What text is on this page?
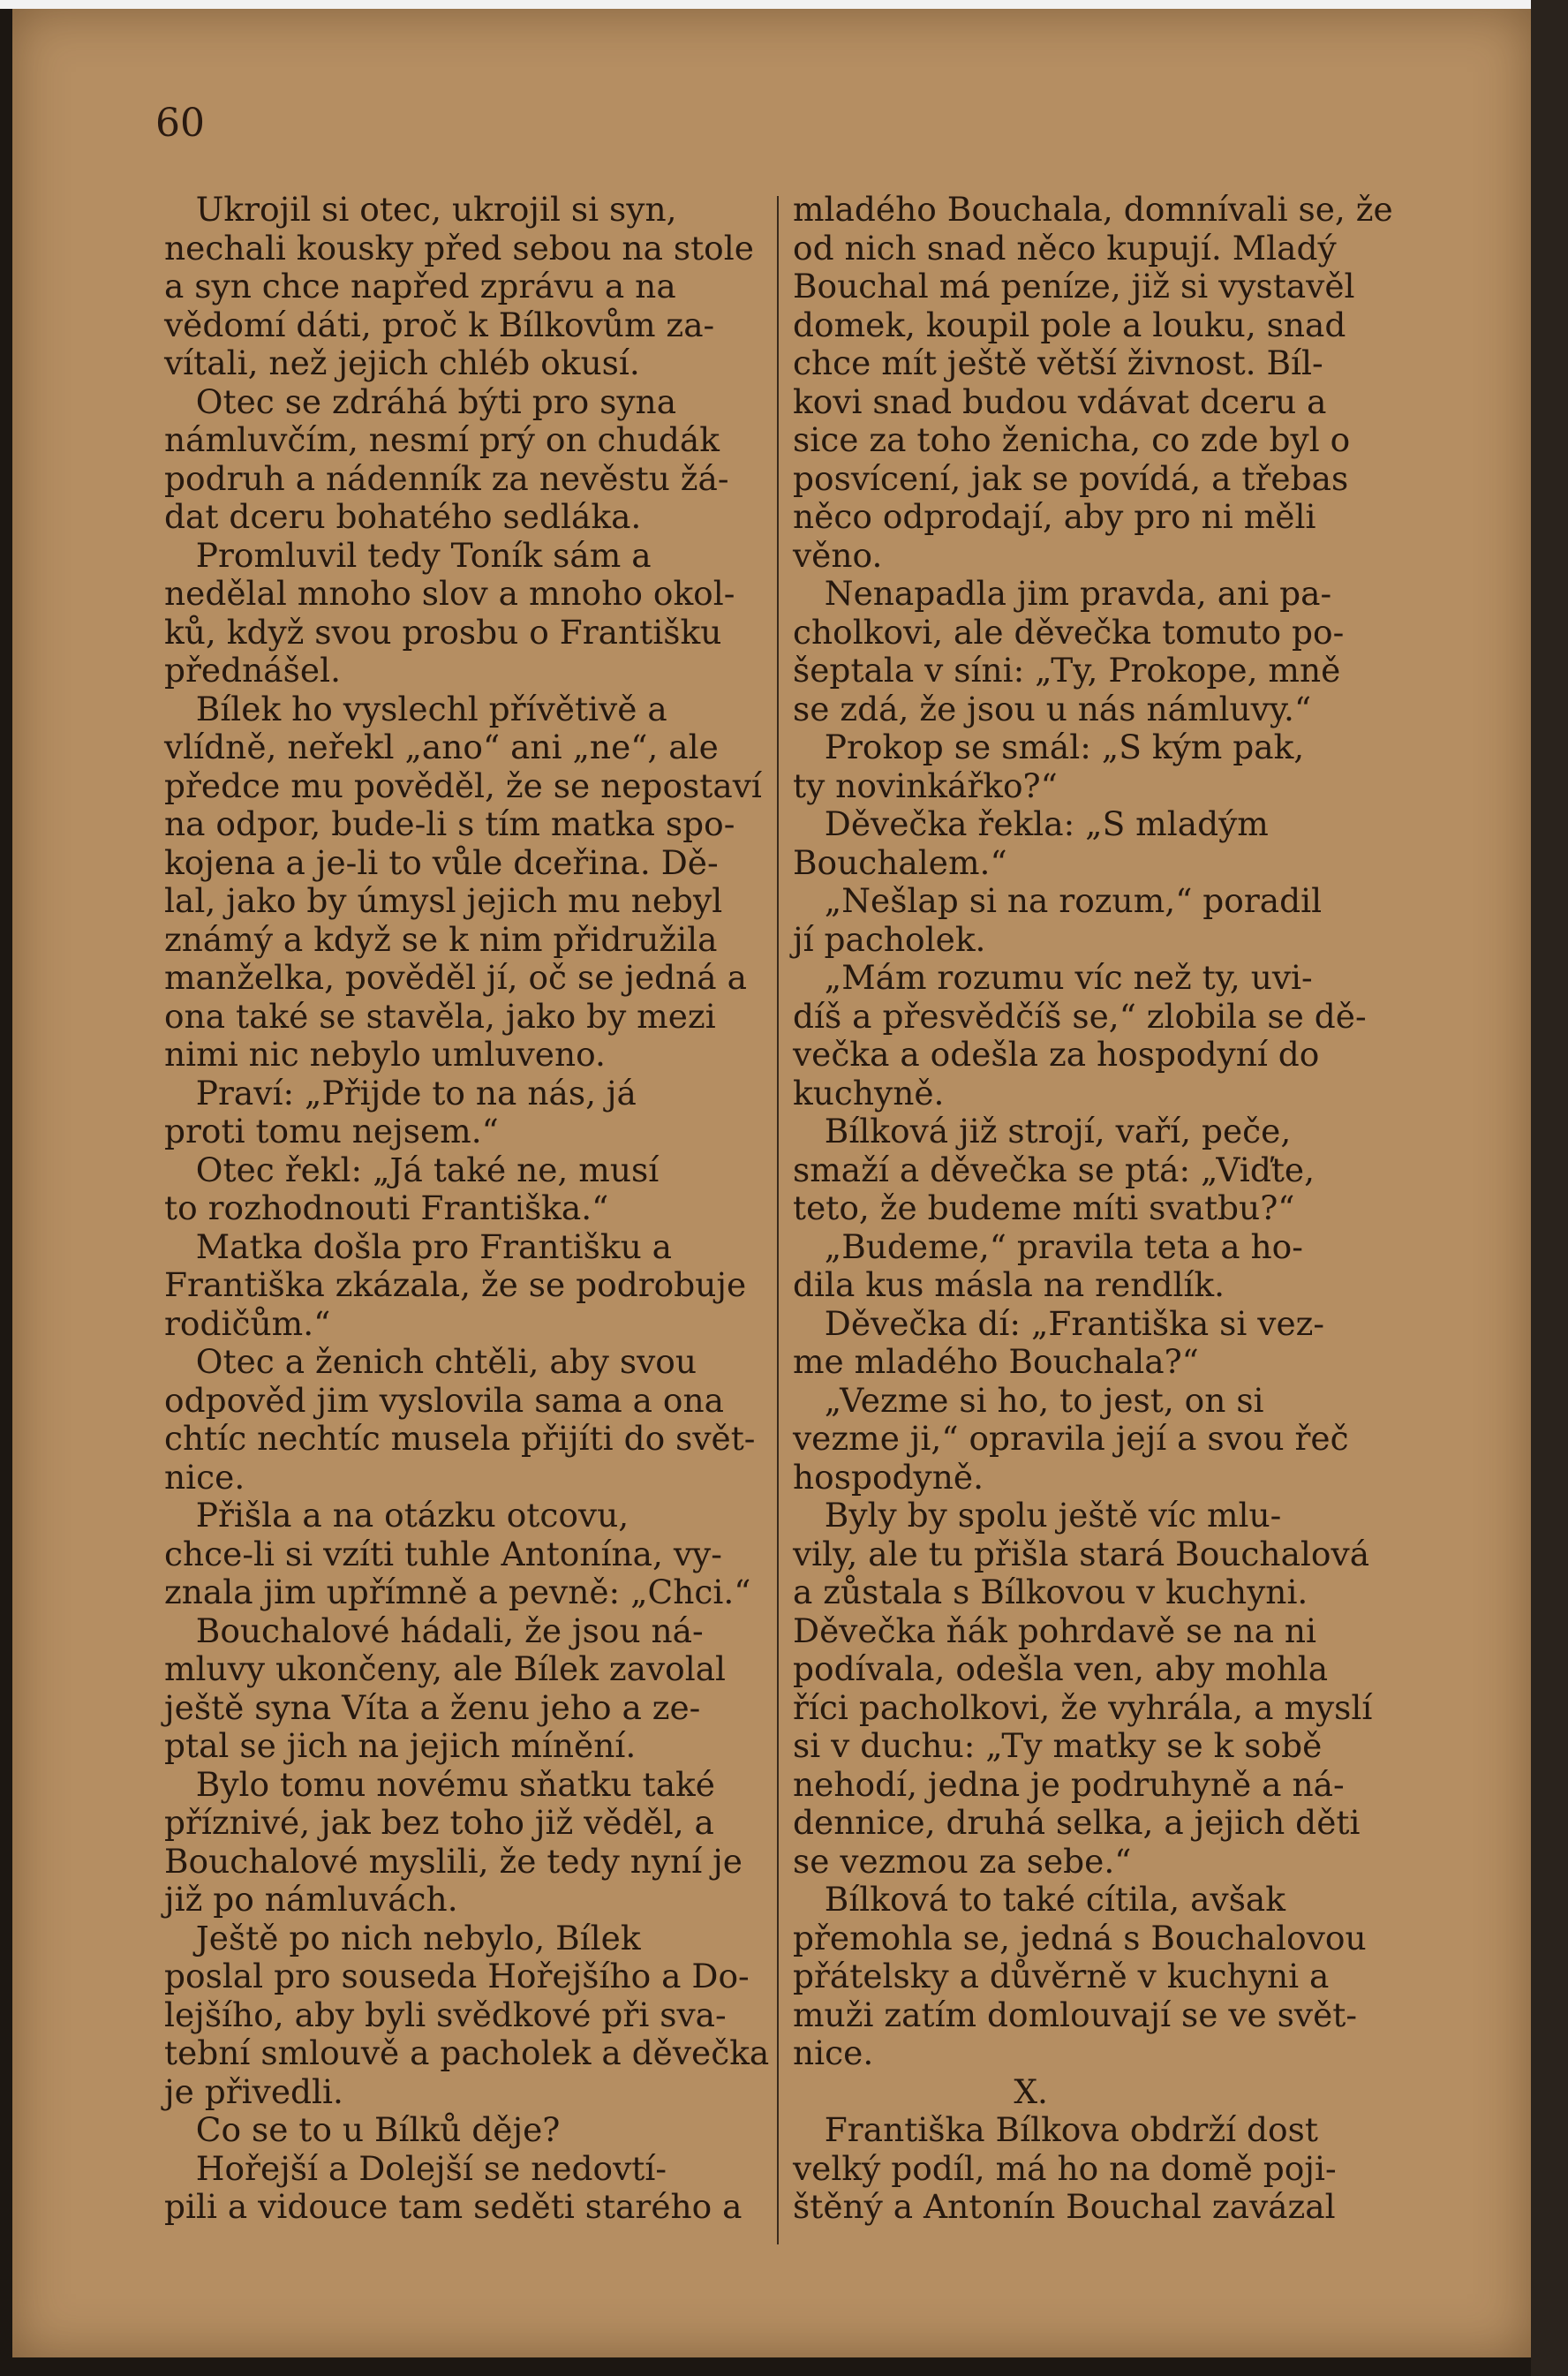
60
Ukrojil si otec, ukrojil si syn,
nechali kousky před sebou na stole
a syn chce napřed zprávu a na
vědomí dáti, proč k Bílkovům za-
vítali, než jejich chléb okusí.
Otec se zdráhá býti pro syna
námluvčím, nesmí prý on chudák
podruh a nádenník za nevěstu žá-
dat dceru bohatého sedláka.
Promluvil tedy Toník sám a
nedělal mnoho slov a mnoho okol-
ků, když svou prosbu o Františku
přednášel.
Bílek ho vyslechl přívětivě a
vlídně, neřekl „ano“ ani „ne“, ale
předce mu pověděl, že se nepostaví
na odpor, bude-li s tím matka spo-
kojena a je-li to vůle dceřina. Dě-
lal, jako by úmysl jejich mu nebyl
známý a když se k nim přidružila
manželka, pověděl jí, oč se jedná a
ona také se stavěla, jako by mezi
nimi nic nebylo umluveno.
Praví: „Přijde to na nás, já
proti tomu nejsem.“
Otec řekl: „Já také ne, musí
to rozhodnouti Františka.“
Matka došla pro Františku a
Františka zkázala, že se podrobuje
rodičům.“
Otec a ženich chtěli, aby svou
odpověd jim vyslovila sama a ona
chtíc nechtíc musela přijíti do svět-
nice.
Přišla a na otázku otcovu,
chce-li si vzíti tuhle Antonína, vy-
znala jim upřímně a pevně: „Chci.“
Bouchalové hádali, že jsou ná-
mluvy ukončeny, ale Bílek zavolal
ještě syna Víta a ženu jeho a ze-
ptal se jich na jejich mínění.
Bylo tomu novému sňatku také
příznivé, jak bez toho již věděl, a
Bouchalové myslili, že tedy nyní je
již po námluvách.
Ještě po nich nebylo, Bílek
poslal pro souseda Hořejšího a Do-
lejšího, aby byli svědkové při sva-
tební smlouvě a pacholek a děvečka
je přivedli.
Co se to u Bílků děje?
Hořejší a Dolejší se nedovtí-
pili a vidouce tam seděti starého a
mladého Bouchala, domnívali se, že
od nich snad něco kupují. Mladý
Bouchal má peníze, již si vystavěl
domek, koupil pole a louku, snad
chce mít ještě větší živnost. Bíl-
kovi snad budou vdávat dceru a
sice za toho ženicha, co zde byl o
posvícení, jak se povídá, a třebas
něco odprodají, aby pro ni měli
věno.
Nenapadla jim pravda, ani pa-
cholkovi, ale děvečka tomuto po-
šeptala v síni: „Ty, Prokope, mně
se zdá, že jsou u nás námluvy.“
Prokop se smál: „S kým pak,
ty novinkářko?“
Děvečka řekla: „S mladým
Bouchalem.“
„Nešlap si na rozum,“ poradil
jí pacholek.
„Mám rozumu víc než ty, uvi-
díš a přesvědčíš se,“ zlobila se dě-
večka a odešla za hospodyní do
kuchyně.
Bílková již strojí, vaří, peče,
smaží a děvečka se ptá: „Viďte,
teto, že budeme míti svatbu?“
„Budeme,“ pravila teta a ho-
dila kus másla na rendlík.
Děvečka dí: „Františka si vez-
me mladého Bouchala?“
„Vezme si ho, to jest, on si
vezme ji,“ opravila její a svou řeč
hospodyně.
Byly by spolu ještě víc mlu-
vily, ale tu přišla stará Bouchalová
a zůstala s Bílkovou v kuchyni.
Děvečka ňák pohrdavě se na ni
podívala, odešla ven, aby mohla
říci pacholkovi, že vyhrála, a myslí
si v duchu: „Ty matky se k sobě
nehodí, jedna je podruhyně a ná-
dennice, druhá selka, a jejich děti
se vezmou za sebe.“
Bílková to také cítila, avšak
přemohla se, jedná s Bouchalovou
přátelsky a důvěrně v kuchyni a
muži zatím domlouvají se ve svět-
nice.
X.
Františka Bílkova obdrží dost
velký podíl, má ho na domě poji-
štěný a Antonín Bouchal zavázal
